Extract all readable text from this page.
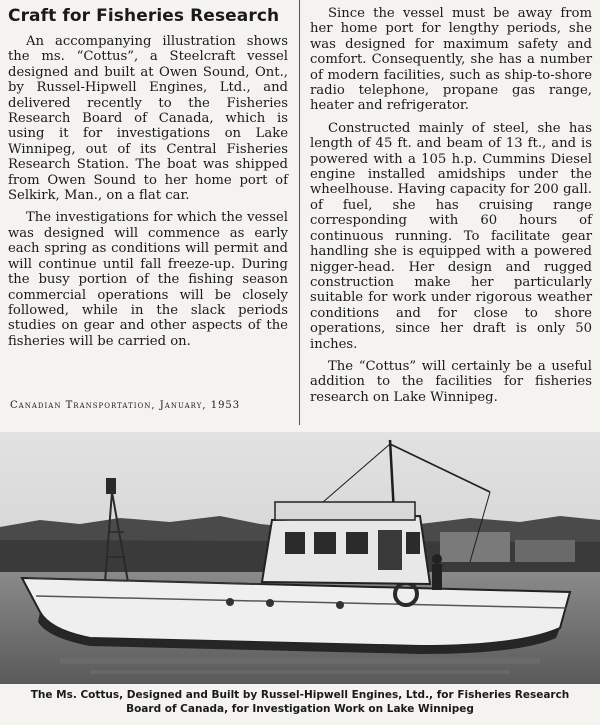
Craft for Fisheries Research

An accompanying illustration shows the ms. “Cottus”, a Steelcraft vessel designed and built at Owen Sound, Ont., by Russel-Hipwell Engines, Ltd., and delivered recently to the Fisheries Research Board of Canada, which is using it for investigations on Lake Winnipeg, out of its Central Fisheries Research Station. The boat was shipped from Owen Sound to her home port of Selkirk, Man., on a flat car.

The investigations for which the vessel was designed will commence as early each spring as conditions will permit and will continue until fall freeze-up. During the busy portion of the fishing season commercial operations will be closely followed, while in the slack periods studies on gear and other aspects of the fisheries will be carried on.

Since the vessel must be away from her home port for lengthy periods, she was designed for maximum safety and comfort. Consequently, she has a number of modern facilities, such as ship-to-shore radio telephone, propane gas range, heater and refrigerator.

Constructed mainly of steel, she has length of 45 ft. and beam of 13 ft., and is powered with a 105 h.p. Cummins Diesel engine installed amidships under the wheelhouse. Having capacity for 200 gall. of fuel, she has cruising range corresponding with 60 hours of continuous running. To facilitate gear handling she is equipped with a powered nigger-head. Her design and rugged construction make her particularly suitable for work under rigorous weather conditions and for close to shore operations, since her draft is only 50 inches.

The “Cottus” will certainly be a useful addition to the facilities for fisheries research on Lake Winnipeg.

Canadian Transportation, January, 1953
The Ms. Cottus, Designed and Built by Russel-Hipwell Engines, Ltd., for Fisheries Research Board of Canada, for Investigation Work on Lake Winnipeg
